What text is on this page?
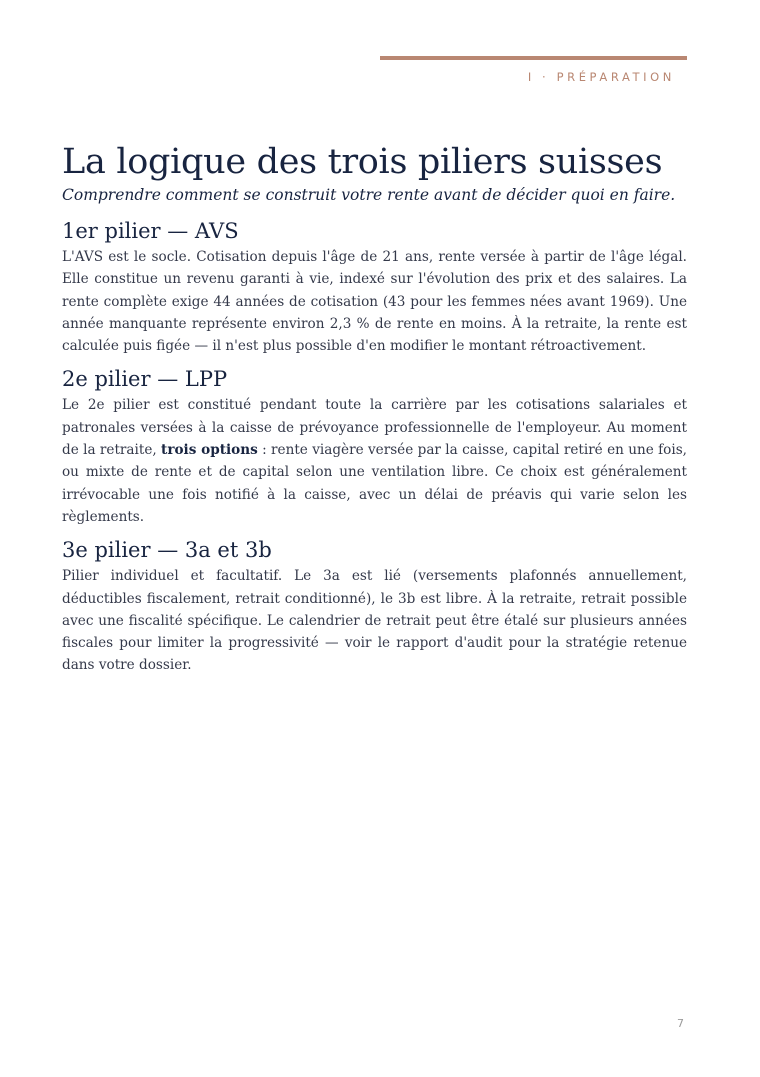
I · PRÉPARATION
La logique des trois piliers suisses
Comprendre comment se construit votre rente avant de décider quoi en faire.
1er pilier — AVS

L'AVS est le socle. Cotisation depuis l'âge de 21 ans, rente versée à partir de l'âge légal. Elle constitue un revenu garanti à vie, indexé sur l'évolution des prix et des salaires. La rente complète exige 44 années de cotisation (43 pour les femmes nées avant 1969). Une année manquante représente environ 2,3 % de rente en moins. À la retraite, la rente est calculée puis figée — il n'est plus possible d'en modifier le montant rétroactivement.

2e pilier — LPP

Le 2e pilier est constitué pendant toute la carrière par les cotisations salariales et patronales versées à la caisse de prévoyance professionnelle de l'employeur. Au moment de la retraite, trois options : rente viagère versée par la caisse, capital retiré en une fois, ou mixte de rente et de capital selon une ventilation libre. Ce choix est généralement irrévocable une fois notifié à la caisse, avec un délai de préavis qui varie selon les règlements.

3e pilier — 3a et 3b

Pilier individuel et facultatif. Le 3a est lié (versements plafonnés annuellement, déductibles fiscalement, retrait conditionné), le 3b est libre. À la retraite, retrait possible avec une fiscalité spécifique. Le calendrier de retrait peut être étalé sur plusieurs années fiscales pour limiter la progressivité — voir le rapport d'audit pour la stratégie retenue dans votre dossier.

7
